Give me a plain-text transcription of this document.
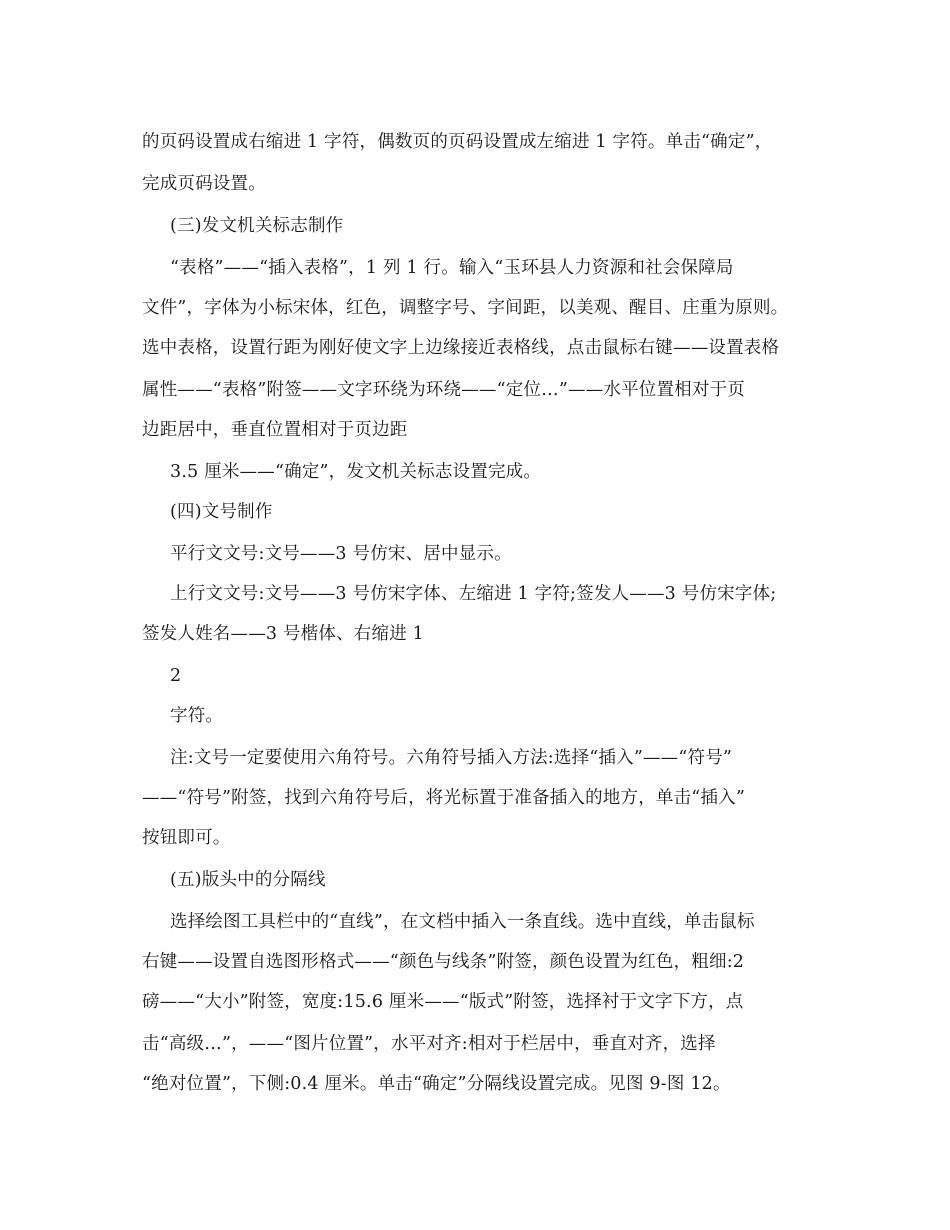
的页码设置成右缩进 1 字符，偶数页的页码设置成左缩进 1 字符。单击“确定”，
完成页码设置。
(三)发文机关标志制作
“表格”——“插入表格”，1 列 1 行。输入“玉环县人力资源和社会保障局
文件”，字体为小标宋体，红色，调整字号、字间距，以美观、醒目、庄重为原则。
选中表格，设置行距为刚好使文字上边缘接近表格线，点击鼠标右键——设置表格
属性——“表格”附签——文字环绕为环绕——“定位…”——水平位置相对于页
边距居中，垂直位置相对于页边距
3.5 厘米——“确定”，发文机关标志设置完成。
(四)文号制作
平行文文号:文号——3 号仿宋、居中显示。
上行文文号:文号——3 号仿宋字体、左缩进 1 字符;签发人——3 号仿宋字体;
签发人姓名——3 号楷体、右缩进 1
2
字符。
注:文号一定要使用六角符号。六角符号插入方法:选择“插入”——“符号”
——“符号”附签，找到六角符号后，将光标置于准备插入的地方，单击“插入”
按钮即可。
(五)版头中的分隔线
选择绘图工具栏中的“直线”，在文档中插入一条直线。选中直线，单击鼠标
右键——设置自选图形格式——“颜色与线条”附签，颜色设置为红色，粗细:2
磅——“大小”附签，宽度:15.6 厘米——“版式”附签，选择衬于文字下方，点
击“高级…”，——“图片位置”，水平对齐:相对于栏居中，垂直对齐，选择
“绝对位置”，下侧:0.4 厘米。单击“确定”分隔线设置完成。见图 9-图 12。
